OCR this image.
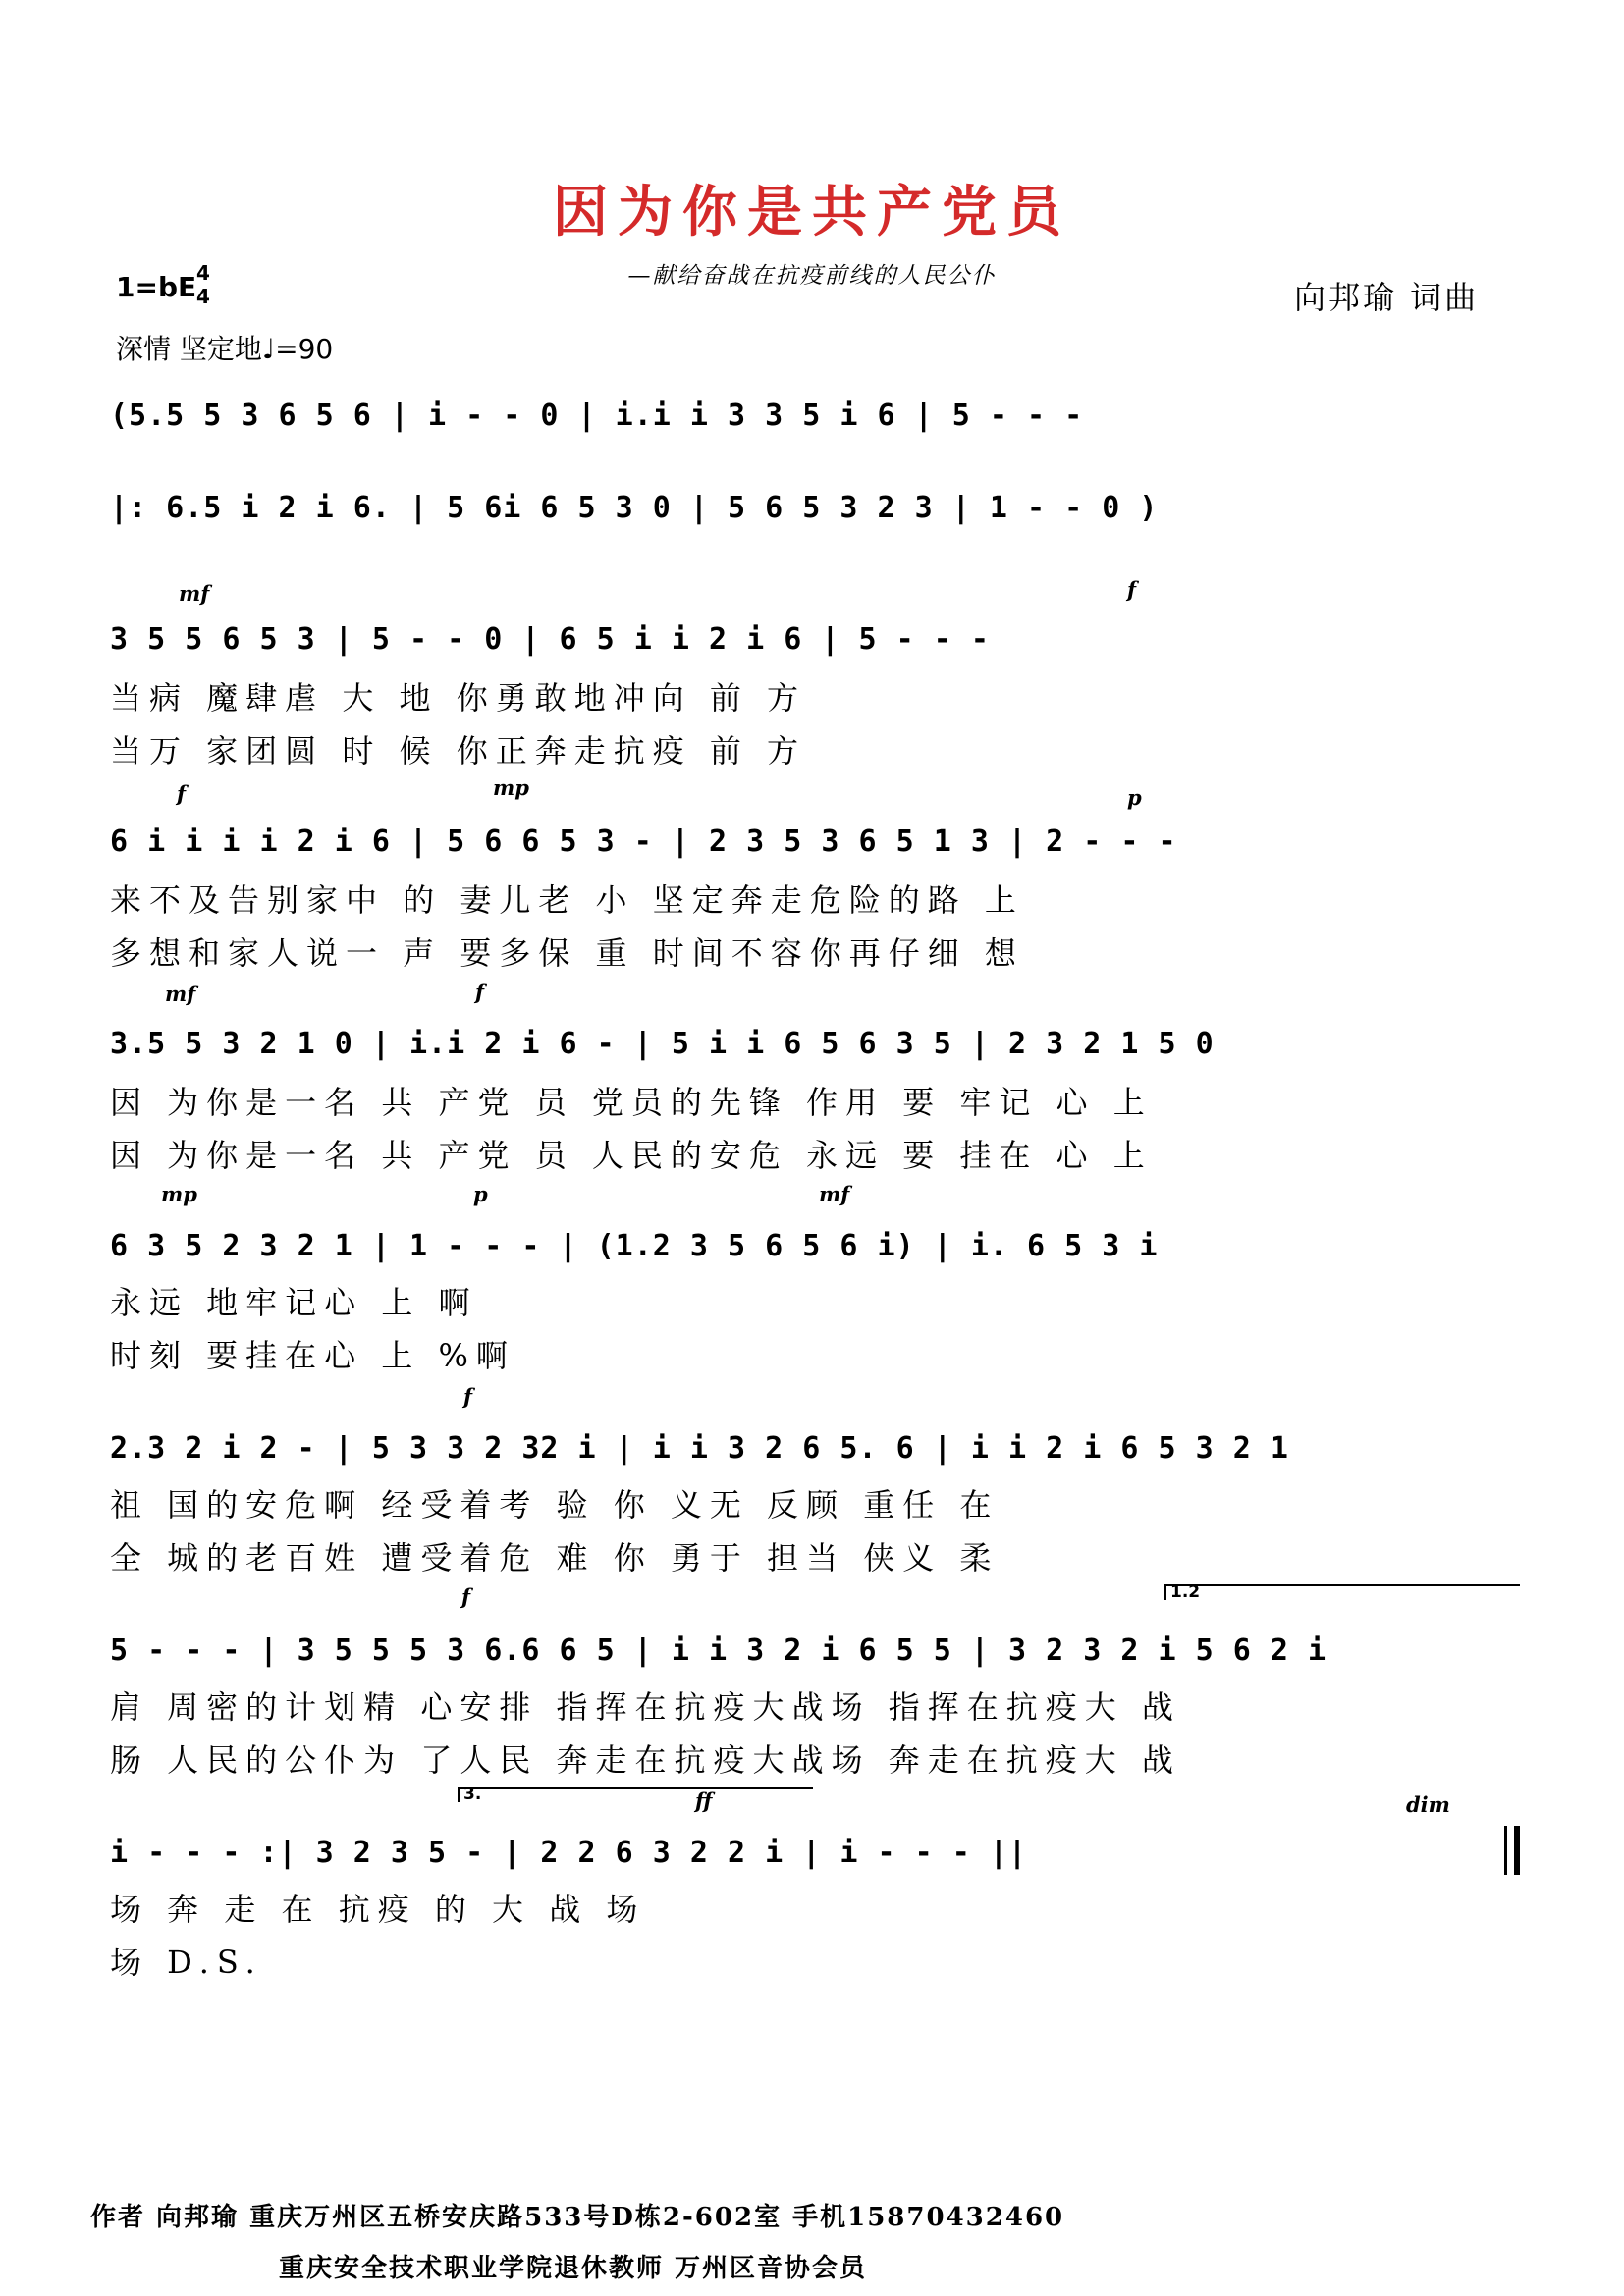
因为你是共产党员
—献给奋战在抗疫前线的人民公仆
向邦瑜 词曲
1=bE 4
4
深情 坚定地♩=90
(5.5 5 3 6 5 6 | i - - 0 | i.i i 3 3 5 i 6 | 5 - - -
|: 6.5 i 2 i 6. | 5 6i 6 5 3 0 | 5 6 5 3 2 3 | 1 - - 0 )
mf	f
3 5 5 6 5 3 | 5 - - 0 | 6 5 i i 2 i 6 | 5 - - -
当病 魔肆虐 大 地 你勇敢地冲向 前 方
当万 家团圆 时 候 你正奔走抗疫 前 方
f	mp	p
6 i i i i 2 i 6 | 5 6 6 5 3 - | 2 3 5 3 6 5 1 3 | 2 - - -
来不及告别家中 的 妻儿老 小 坚定奔走危险的路 上
多想和家人说一 声 要多保 重 时间不容你再仔细 想
mf	f
3.5 5 3 2 1 0 | i.i 2 i 6 - | 5 i i 6 5 6 3 5 | 2 3 2 1 5 0
因 为你是一名 共 产党 员 党员的先锋 作用 要 牢记 心 上
因 为你是一名 共 产党 员 人民的安危 永远 要 挂在 心 上
mp	p	mf
6 3 5 2 3 2 1 | 1 - - - | (1.2 3 5 6 5 6 i) | i. 6 5 3 i
永远 地牢记心 上 啊
时刻 要挂在心 上 %啊
f
2.3 2 i 2 - | 5 3 3 2 32 i | i i 3 2 6 5. 6 | i i 2 i 6 5 3 2 1
祖 国的安危啊 经受着考 验 你 义无 反顾 重任 在
全 城的老百姓 遭受着危 难 你 勇于 担当 侠义 柔
f	1.2
5 - - - | 3 5 5 5 3 6.6 6 5 | i i 3 2 i 6 5 5 | 3 2 3 2 i 5 6 2 i
肩 周密的计划精 心安排 指挥在抗疫大战场 指挥在抗疫大 战
肠 人民的公仆为 了人民 奔走在抗疫大战场 奔走在抗疫大 战
3.	ff	dim
i - - - :| 3 2 3 5 - | 2 2 6 3 2 2 i | i - - - ||
场 奔 走 在 抗疫 的 大 战 场
场 D.S.
作者 向邦瑜 重庆万州区五桥安庆路533号D栋2-602室 手机15870432460
重庆安全技术职业学院退休教师 万州区音协会员
